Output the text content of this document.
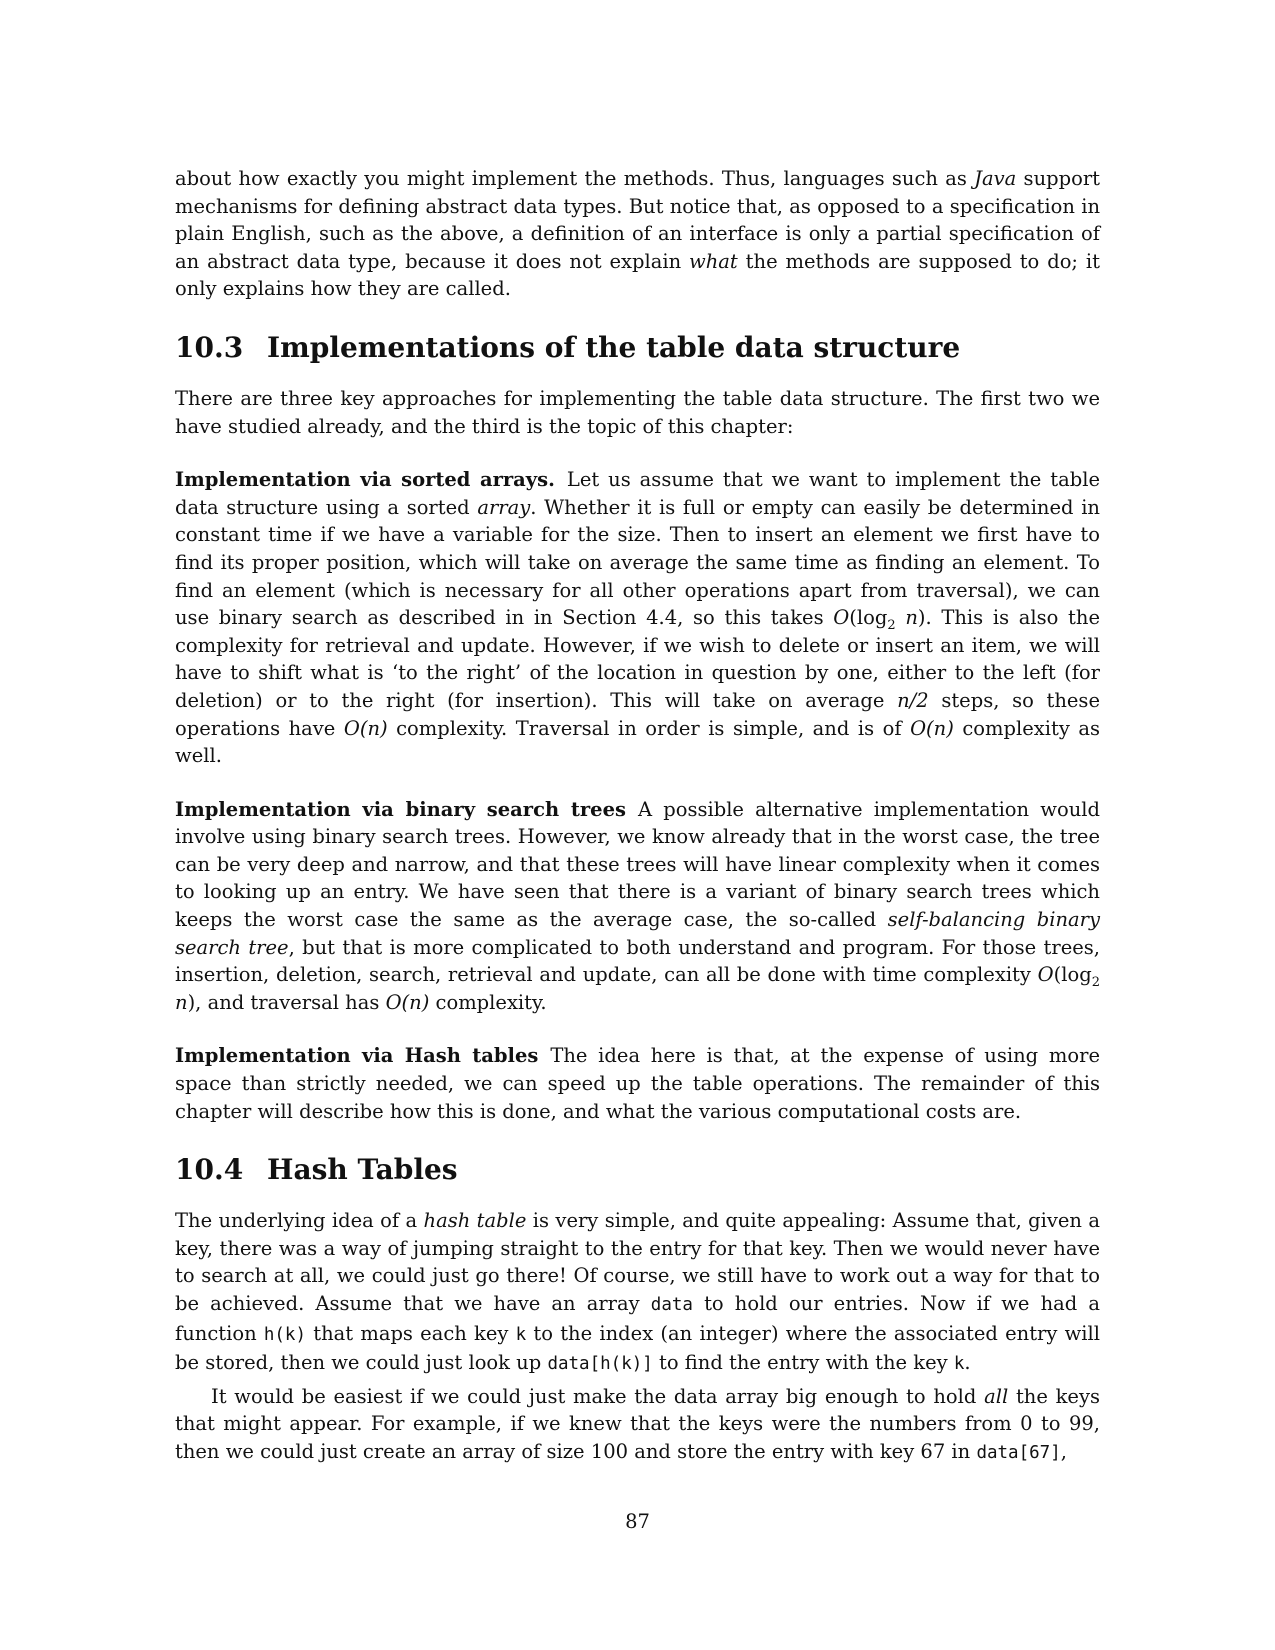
about how exactly you might implement the methods. Thus, languages such as Java support mechanisms for defining abstract data types. But notice that, as opposed to a specification in plain English, such as the above, a definition of an interface is only a partial specification of an abstract data type, because it does not explain what the methods are supposed to do; it only explains how they are called.

10.3 Implementations of the table data structure

There are three key approaches for implementing the table data structure. The first two we have studied already, and the third is the topic of this chapter:

Implementation via sorted arrays. Let us assume that we want to implement the table data structure using a sorted array. Whether it is full or empty can easily be determined in constant time if we have a variable for the size. Then to insert an element we first have to find its proper position, which will take on average the same time as finding an element. To find an element (which is necessary for all other operations apart from traversal), we can use binary search as described in in Section 4.4, so this takes $O(\log_2$ n). This is also the complexity for retrieval and update. However, if we wish to delete or insert an item, we will have to shift what is ‘to the right’ of the location in question by one, either to the left (for deletion) or to the right (for insertion). This will take on average n/2 steps, so these operations have O(n) complexity. Traversal in order is simple, and is of O(n) complexity as well.

Implementation via binary search trees A possible alternative implementation would involve using binary search trees. However, we know already that in the worst case, the tree can be very deep and narrow, and that these trees will have linear complexity when it comes to looking up an entry. We have seen that there is a variant of binary search trees which keeps the worst case the same as the average case, the so-called self-balancing binary search tree, but that is more complicated to both understand and program. For those trees, insertion, deletion, search, retrieval and update, can all be done with time complexity $O(\log_2$ n), and traversal has O(n) complexity.

Implementation via Hash tables The idea here is that, at the expense of using more space than strictly needed, we can speed up the table operations. The remainder of this chapter will describe how this is done, and what the various computational costs are.

10.4 Hash Tables

The underlying idea of a hash table is very simple, and quite appealing: Assume that, given a key, there was a way of jumping straight to the entry for that key. Then we would never have to search at all, we could just go there! Of course, we still have to work out a way for that to be achieved. Assume that we have an array data to hold our entries. Now if we had a function h(k) that maps each key k to the index (an integer) where the associated entry will be stored, then we could just look up data[h(k)] to find the entry with the key k.

It would be easiest if we could just make the data array big enough to hold all the keys that might appear. For example, if we knew that the keys were the numbers from 0 to 99, then we could just create an array of size 100 and store the entry with key 67 in data[67],

87
